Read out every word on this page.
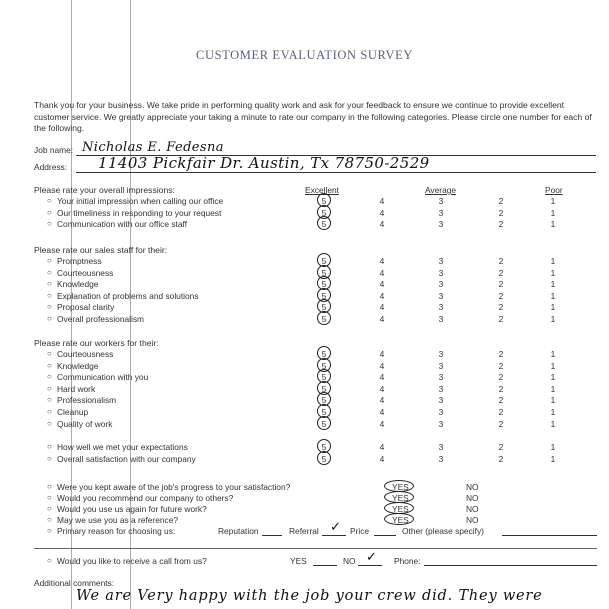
CUSTOMER EVALUATION SURVEY
Thank you for your business. We take pride in performing quality work and ask for your feedback to ensure we continue to provide excellent customer service. We greatly appreciate your taking a minute to rate our company in the following categories. Please circle one number for each of the following.
Job name: Nicholas E. Fedesna
Address: 11403 Pickfair Dr. Austin, Tx 78750-2529
Excellent	Average	Poor
Please rate your overall impressions:
○ Your initial impression when calling our office	5	4	3	2	1
○ Our timeliness in responding to your request	5	4	3	2	1
○ Communication with our office staff	5	4	3	2	1
Please rate our sales staff for their:
○ Promptness	5	4	3	2	1
○ Courteousness	5	4	3	2	1
○ Knowledge	5	4	3	2	1
○ Explanation of problems and solutions	5	4	3	2	1
○ Proposal clarity	5	4	3	2	1
○ Overall professionalism	5	4	3	2	1
Please rate our workers for their:
○ Courteousness	5	4	3	2	1
○ Knowledge	5	4	3	2	1
○ Communication with you	5	4	3	2	1
○ Hard work	5	4	3	2	1
○ Professionalism	5	4	3	2	1
○ Cleanup	5	4	3	2	1
○ Quality of work	5	4	3	2	1
○ How well we met your expectations	5	4	3	2	1
○ Overall satisfaction with our company	5	4	3	2	1
○ Were you kept aware of the job's progress to your satisfaction?	YES	NO
○ Would you recommend our company to others?	YES	NO
○ Would you use us again for future work?	YES	NO
○ May we use you as a reference?	YES	NO
○ Primary reason for choosing us:	Reputation	Referral ✓ Price	Other (please specify)
○ Would you like to receive a call from us?	YES	NO ✓ Phone:
Additional comments:
We are Very happy with the job your crew did. They were
